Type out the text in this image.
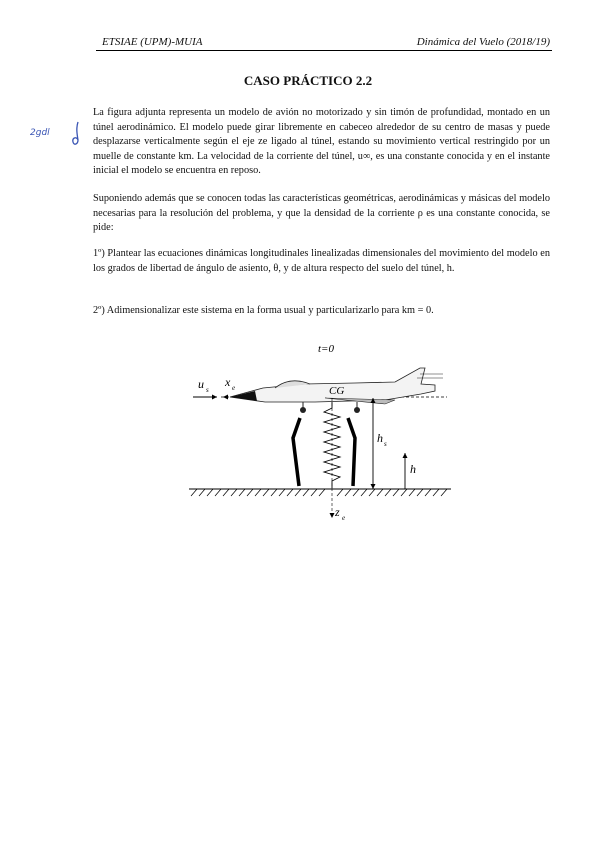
ETSIAE (UPM)-MUIA	Dinámica del Vuelo (2018/19)
CASO PRÁCTICO 2.2
2gdl
La figura adjunta representa un modelo de avión no motorizado y sin timón de profundidad, montado en un túnel aerodinámico. El modelo puede girar libremente en cabeceo alrededor de su centro de masas y puede desplazarse verticalmente según el eje ze ligado al túnel, estando su movimiento vertical restringido por un muelle de constante km. La velocidad de la corriente del túnel, u∞, es una constante conocida y en el instante inicial el modelo se encuentra en reposo.
Suponiendo además que se conocen todas las características geométricas, aerodinámicas y másicas del modelo necesarias para la resolución del problema, y que la densidad de la corriente ρ es una constante conocida, se pide:
1º) Plantear las ecuaciones dinámicas longitudinales linealizadas dimensionales del movimiento del modelo en los grados de libertad de ángulo de asiento, θ, y de altura respecto del suelo del túnel, h.
2º) Adimensionalizar este sistema en la forma usual y particularizarlo para km = 0.
t=0
u s
x e	CG
z e
h s
h
